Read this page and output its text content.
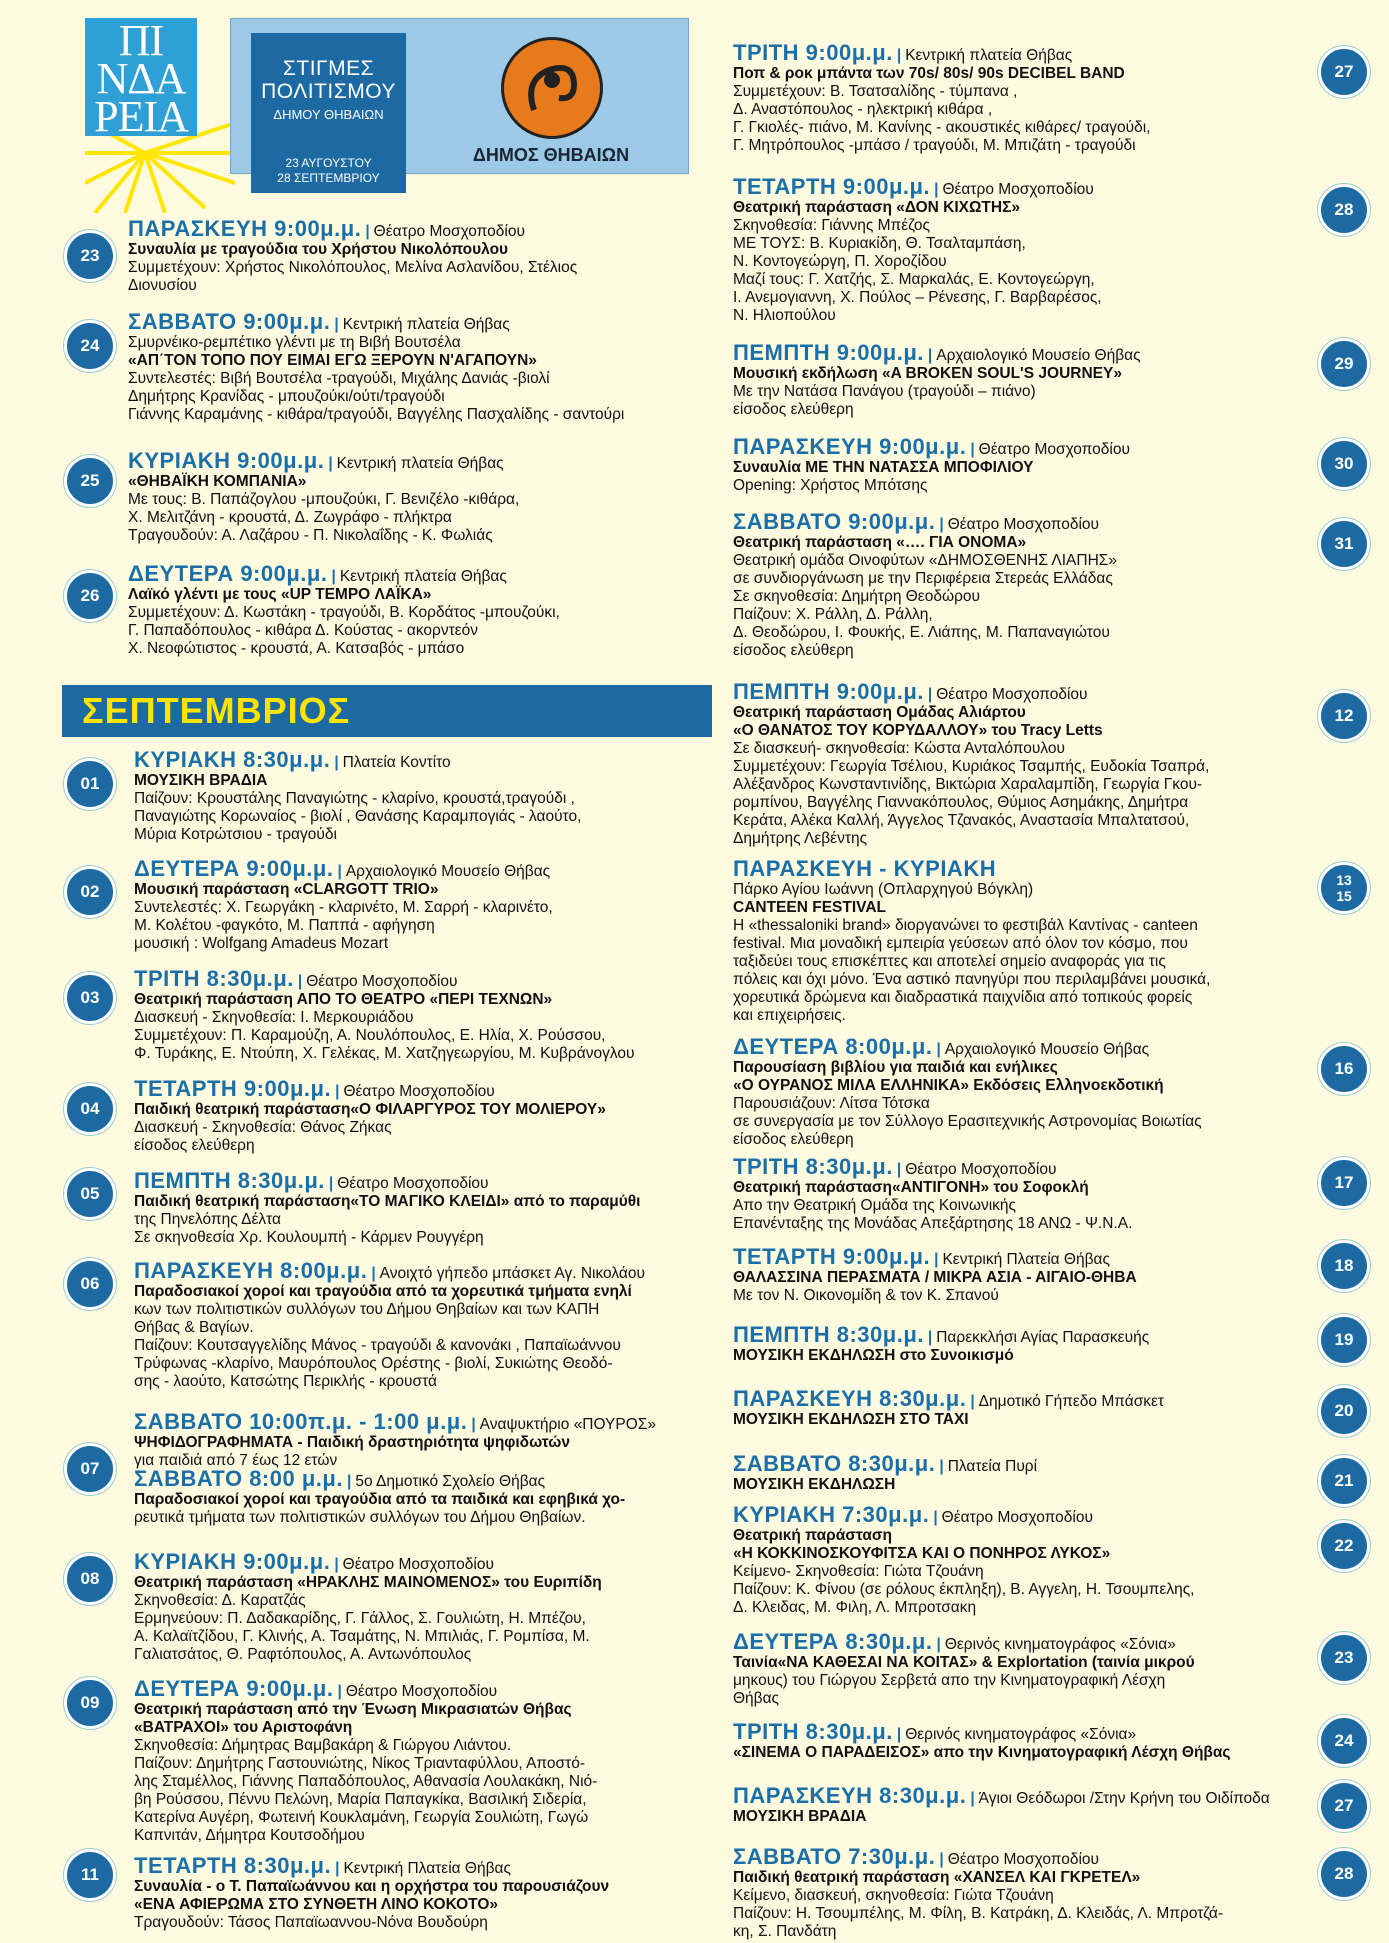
ΠΙ ΝΔΑ ΡΕΙΑ
ΣΤΙΓΜΕΣ ΠΟΛΙΤΙΣΜΟΥ
ΔΗΜΟΥ ΘΗΒΑΙΩΝ
23 ΑΥΓΟΥΣΤΟΥ
28 ΣΕΠΤΕΜΒΡΙΟΥ
ΔΗΜΟΣ ΘΗΒΑΙΩΝ
ΣΕΠΤΕΜΒΡΙΟΣ
ΠΑΡΑΣΚΕΥΗ 9:00μ.μ. | Θέατρο Μοσχοποδίου
Συναυλία με τραγούδια του Χρήστου Νικολόπουλου
Συμμετέχουν: Χρήστος Νικολόπουλος, Μελίνα Ασλανίδου, Στέλιος
Διονυσίου
23
ΣΑΒΒΑΤΟ 9:00μ.μ. | Κεντρική πλατεία Θήβας
Σμυρνέικο-ρεμπέτικο γλέντι με τη Βιβή Βουτσέλα
«ΑΠ΄ΤΟΝ ΤΟΠΟ ΠΟΥ ΕΙΜΑΙ ΕΓΩ ΞΕΡΟΥΝ Ν'ΑΓΑΠΟΥΝ»
Συντελεστές: Βιβή Βουτσέλα -τραγούδι, Μιχάλης Δανιάς -βιολί
Δημήτρης Κρανίδας - μπουζούκι/ούτι/τραγούδι
Γιάννης Καραμάνης - κιθάρα/τραγούδι, Βαγγέλης Πασχαλίδης - σαντούρι
24
ΚΥΡΙΑΚΗ 9:00μ.μ. | Κεντρική πλατεία Θήβας
«ΘΗΒΑΪΚΗ ΚΟΜΠΑΝΙΑ»
Με τους: Β. Παπάζογλου -μπουζούκι, Γ. Βενιζέλο -κιθάρα,
Χ. Μελιτζάνη - κρουστά, Δ. Ζωγράφο - πλήκτρα
Τραγουδούν: Α. Λαζάρου - Π. Νικολαΐδης - Κ. Φωλιάς
25
ΔΕΥΤΕΡΑ 9:00μ.μ. | Κεντρική πλατεία Θήβας
Λαϊκό γλέντι με τους «UP TEMPO ΛΑΪΚΑ»
Συμμετέχουν: Δ. Κωστάκη - τραγούδι, Β. Κορδάτος -μπουζούκι,
Γ. Παπαδόπουλος - κιθάρα Δ. Κούστας - ακορντεόν
Χ. Νεοφώτιστος - κρουστά, Α. Κατσαβός - μπάσο
26
ΚΥΡΙΑΚΗ 8:30μ.μ. | Πλατεία Κοντίτο
ΜΟΥΣΙΚΗ ΒΡΑΔΙΑ
Παίζουν: Κρουστάλης Παναγιώτης - κλαρίνο, κρουστά,τραγούδι ,
Παναγιώτης Κορωναίος - βιολί , Θανάσης Καραμπογιάς - λαούτο,
Μύρια Κοτρώτσιου - τραγούδι
01
ΔΕΥΤΕΡΑ 9:00μ.μ. | Αρχαιολογικό Μουσείο Θήβας
Μουσική παράσταση «CLARGOTT TRIO»
Συντελεστές: Χ. Γεωργάκη - κλαρινέτο, Μ. Σαρρή - κλαρινέτο,
Μ. Κολέτου -φαγκότο, Μ. Παππά - αφήγηση
μουσική : Wolfgang Amadeus Mozart
02
ΤΡΙΤΗ 8:30μ.μ. | Θέατρο Μοσχοποδίου
Θεατρική παράσταση ΑΠΟ ΤΟ ΘΕΑΤΡΟ «ΠΕΡΙ ΤΕΧΝΩΝ»
Διασκευή - Σκηνοθεσία: Ι. Μερκουριάδου
Συμμετέχουν: Π. Καραμούζη, Α. Νουλόπουλος, Ε. Ηλία, Χ. Ρούσσου,
Φ. Τυράκης, Ε. Ντούπη, Χ. Γελέκας, Μ. Χατζηγεωργίου, Μ. Κυβράνογλου
03
ΤΕΤΑΡΤΗ 9:00μ.μ. | Θέατρο Μοσχοποδίου
Παιδική θεατρική παράσταση«Ο ΦΙΛΑΡΓΥΡΟΣ ΤΟΥ ΜΟΛΙΕΡΟΥ»
Διασκευή - Σκηνοθεσία: Θάνος Ζήκας
είσοδος ελεύθερη
04
ΠΕΜΠΤΗ 8:30μ.μ. | Θέατρο Μοσχοποδίου
Παιδική θεατρική παράσταση«ΤΟ ΜΑΓΙΚΟ ΚΛΕΙΔΙ» από το παραμύθι
της Πηνελόπης Δέλτα
Σε σκηνοθεσία Χρ. Κουλουμπή - Κάρμεν Ρουγγέρη
05
ΠΑΡΑΣΚΕΥΗ 8:00μ.μ. | Ανοιχτό γήπεδο μπάσκετ Αγ. Νικολάου
Παραδοσιακοί χοροί και τραγούδια από τα χορευτικά τμήματα ενηλί
κων των πολιτιστικών συλλόγων του Δήμου Θηβαίων και των ΚΑΠΗ
Θήβας & Βαγίων.
Παίζουν: Κουτσαγγελίδης Μάνος - τραγούδι & κανονάκι , Παπαϊωάννου
Τρύφωνας -κλαρίνο, Μαυρόπουλος Ορέστης - βιολί, Συκιώτης Θεοδό-
σης - λαούτο, Κατσώτης Περικλής - κρουστά
06
ΣΑΒΒΑΤΟ 10:00π.μ. - 1:00 μ.μ. | Αναψυκτήριο «ΠΟΥΡΟΣ»
ΨΗΦΙΔΟΓΡΑΦΗΜΑΤΑ - Παιδική δραστηριότητα ψηφιδωτών
για παιδιά από 7 έως 12 ετών
ΣΑΒΒΑΤΟ 8:00 μ.μ. | 5ο Δημοτικό Σχολείο Θήβας
Παραδοσιακοί χοροί και τραγούδια από τα παιδικά και εφηβικά χο-
ρευτικά τμήματα των πολιτιστικών συλλόγων του Δήμου Θηβαίων.
07
ΚΥΡΙΑΚΗ 9:00μ.μ. | Θέατρο Μοσχοποδίου
Θεατρική παράσταση «ΗΡΑΚΛΗΣ ΜΑΙΝΟΜΕΝΟΣ» του Ευριπίδη
Σκηνοθεσία: Δ. Καρατζάς
Ερμηνεύουν: Π. Δαδακαρίδης, Γ. Γάλλος, Σ. Γουλιώτη, Η. Μπέζου,
Α. Καλαϊτζίδου, Γ. Κλινής, Α. Τσαμάτης, Ν. Μπιλιάς, Γ. Ρομπίσα, Μ.
Γαλιατσάτος, Θ. Ραφτόπουλος, Α. Αντωνόπουλος
08
ΔΕΥΤΕΡΑ 9:00μ.μ. | Θέατρο Μοσχοποδίου
Θεατρική παράσταση από την Ένωση Μικρασιατών Θήβας
«ΒΑΤΡΑΧΟΙ» του Αριστοφάνη
Σκηνοθεσία: Δήμητρας Βαμβακάρη & Γιώργου Λιάντου.
Παίζουν: Δημήτρης Γαστουνιώτης, Νίκος Τριανταφύλλου, Αποστό-
λης Σταμέλλος, Γιάννης Παπαδόπουλος, Αθανασία Λουλακάκη, Νιό-
βη Ρούσσου, Πέννυ Πελώνη, Μαρία Παπαγκίκα, Βασιλική Σιδερία,
Κατερίνα Αυγέρη, Φωτεινή Κουκλαμάνη, Γεωργία Σουλιώτη, Γωγώ
Καπνιτάν, Δήμητρα Κουτσοδήμου
09
ΤΕΤΑΡΤΗ 8:30μ.μ. | Κεντρική Πλατεία Θήβας
Συναυλία - ο Τ. Παπαϊωάννου και η ορχήστρα του παρουσιάζουν
«ΕΝΑ ΑΦΙΕΡΩΜΑ ΣΤΟ ΣΥΝΘΕΤΗ ΛΙΝΟ ΚΟΚΟΤΟ»
Τραγουδούν: Τάσος Παπαϊωαννου-Νόνα Βουδούρη
11
ΤΡΙΤΗ 9:00μ.μ. | Κεντρική πλατεία Θήβας
Ποπ & ροκ μπάντα των 70s/ 80s/ 90s DECIBEL BAND
Συμμετέχουν: Β. Τσατσαλίδης - τύμπανα ,
Δ. Αναστόπουλος - ηλεκτρική κιθάρα ,
Γ. Γκιολές- πιάνο, Μ. Κανίνης - ακουστικές κιθάρες/ τραγούδι,
Γ. Μητρόπουλος -μπάσο / τραγούδι, Μ. Μπιζάτη - τραγούδι
27
ΤΕΤΑΡΤΗ 9:00μ.μ. | Θέατρο Μοσχοποδίου
Θεατρική παράσταση «ΔΟΝ ΚΙΧΩΤΗΣ»
Σκηνοθεσία: Γιάννης Μπέζος
ΜΕ ΤΟΥΣ: Β. Κυριακίδη, Θ. Τσαλταμπάση,
Ν. Κοντογεώργη, Π. Χοροζίδου
Μαζί τους: Γ. Χατζής, Σ. Μαρκαλάς, Ε. Κοντογεώργη,
Ι. Ανεμογιαννη, Χ. Πούλος – Ρένεσης, Γ. Βαρβαρέσος,
Ν. Ηλιοπούλου
28
ΠΕΜΠΤΗ 9:00μ.μ. | Αρχαιολογικό Μουσείο Θήβας
Μουσική εκδήλωση «A BROKEN SOUL'S JOURNEY»
Με την Νατάσα Πανάγου (τραγούδι – πιάνο)
είσοδος ελεύθερη
29
ΠΑΡΑΣΚΕΥΗ 9:00μ.μ. | Θέατρο Μοσχοποδίου
Συναυλία ΜΕ ΤΗΝ ΝΑΤΑΣΣΑ ΜΠΟΦΙΛΙΟΥ
Opening: Χρήστος Μπότσης
30
ΣΑΒΒΑΤΟ 9:00μ.μ. | Θέατρο Μοσχοποδίου
Θεατρική παράσταση «…. ΓΙΑ ΟΝΟΜΑ»
Θεατρική ομάδα Οινοφύτων «ΔΗΜΟΣΘΕΝΗΣ ΛΙΑΠΗΣ»
σε συνδιοργάνωση με την Περιφέρεια Στερεάς Ελλάδας
Σε σκηνοθεσία: Δημήτρη Θεοδώρου
Παίζουν: Χ. Ράλλη, Δ. Ράλλη,
Δ. Θεοδώρου, Ι. Φουκής, Ε. Λιάπης, Μ. Παπαναγιώτου
είσοδος ελεύθερη
31
ΠΕΜΠΤΗ 9:00μ.μ. | Θέατρο Μοσχοποδίου
Θεατρική παράσταση Ομάδας Αλιάρτου
«Ο ΘΑΝΑΤΟΣ ΤΟΥ ΚΟΡΥΔΑΛΛΟΥ» του Tracy Letts
Σε διασκευή- σκηνοθεσία: Κώστα Ανταλόπουλου
Συμμετέχουν: Γεωργία Τσέλιου, Κυριάκος Τσαμπής, Ευδοκία Τσαπρά,
Αλέξανδρος Κωνσταντινίδης, Βικτώρια Χαραλαμπίδη, Γεωργία Γκου-
ρομπίνου, Βαγγέλης Γιαννακόπουλος, Θύμιος Ασημάκης, Δημήτρα
Κεράτα, Αλέκα Καλλή, Άγγελος Τζανακός, Αναστασία Μπαλτατσού,
Δημήτρης Λεβέντης
12
ΠΑΡΑΣΚΕΥΗ - ΚΥΡΙΑΚΗ
Πάρκο Αγίου Ιωάννη (Οπλαρχηγού Βόγκλη)
CANTEEN FESTIVAL
Η «thessaloniki brand» διοργανώνει το φεστιβάλ Καντίνας - canteen
festival. Μια μοναδική εμπειρία γεύσεων από όλον τον κόσμο, που
ταξιδεύει τους επισκέπτες και αποτελεί σημείο αναφοράς για τις
πόλεις και όχι μόνο. Ένα αστικό πανηγύρι που περιλαμβάνει μουσικά,
χορευτικά δρώμενα και διαδραστικά παιχνίδια από τοπικούς φορείς
και επιχειρήσεις.
13
15
ΔΕΥΤΕΡΑ 8:00μ.μ. | Αρχαιολογικό Μουσείο Θήβας
Παρουσίαση βιβλίου για παιδιά και ενήλικες
«Ο ΟΥΡΑΝΟΣ ΜΙΛΑ ΕΛΛΗΝΙΚΑ» Εκδόσεις Ελληνοεκδοτική
Παρουσιάζουν: Λίτσα Τότσκα
σε συνεργασία με τον Σύλλογο Ερασιτεχνικής Αστρονομίας Βοιωτίας
είσοδος ελεύθερη
16
ΤΡΙΤΗ 8:30μ.μ. | Θέατρο Μοσχοποδίου
Θεατρική παράσταση«ΑΝΤΙΓΟΝΗ» του Σοφοκλή
Απο την Θεατρική Ομάδα της Κοινωνικής
Επανένταξης της Μονάδας Απεξάρτησης 18 ΑΝΩ - Ψ.Ν.Α.
17
ΤΕΤΑΡΤΗ 9:00μ.μ. | Κεντρική Πλατεία Θήβας
ΘΑΛΑΣΣΙΝΑ ΠΕΡΑΣΜΑΤΑ / ΜΙΚΡΑ ΑΣΙΑ - ΑΙΓΑΙΟ-ΘΗΒΑ
Με τον Ν. Οικονομίδη & τον Κ. Σπανού
18
ΠΕΜΠΤΗ 8:30μ.μ. | Παρεκκλήσι Αγίας Παρασκευής
ΜΟΥΣΙΚΗ ΕΚΔΗΛΩΣΗ στο Συνοικισμό
19
ΠΑΡΑΣΚΕΥΗ 8:30μ.μ. | Δημοτικό Γήπεδο Μπάσκετ
ΜΟΥΣΙΚΗ ΕΚΔΗΛΩΣΗ ΣΤΟ ΤΑΧΙ	20
ΣΑΒΒΑΤΟ 8:30μ.μ. | Πλατεία Πυρί
ΜΟΥΣΙΚΗ ΕΚΔΗΛΩΣΗ	21
ΚΥΡΙΑΚΗ 7:30μ.μ. | Θέατρο Μοσχοποδίου
Θεατρική παράσταση
«Η ΚΟΚΚΙΝΟΣΚΟΥΦΙΤΣΑ ΚΑΙ Ο ΠΟΝΗΡΟΣ ΛΥΚΟΣ»
Κείμενο- Σκηνοθεσία: Γιώτα Τζουάνη
Παίζουν: Κ. Φίνου (σε ρόλους έκπληξη), Β. Αγγελη, Η. Τσουμπελης,
Δ. Κλειδας, Μ. Φιλη, Λ. Μπροτσακη
22
ΔΕΥΤΕΡΑ 8:30μ.μ. | Θερινός κινηματογράφος «Σόνια»
Ταινία«ΝΑ ΚΑΘΕΣΑΙ ΝΑ ΚΟΙΤΑΣ» & Explortation (ταινία μικρού
μηκους) του Γιώργου Σερβετά απο την Κινηματογραφική Λέσχη
Θήβας
23
ΤΡΙΤΗ 8:30μ.μ. | Θερινός κινηματογράφος «Σόνια»
«ΣΙΝΕΜΑ Ο ΠΑΡΑΔΕΙΣΟΣ» απο την Κινηματογραφική Λέσχη Θήβας
24
ΠΑΡΑΣΚΕΥΗ 8:30μ.μ. | Άγιοι Θεόδωροι /Στην Κρήνη του Οιδίποδα
ΜΟΥΣΙΚΗ ΒΡΑΔΙΑ
27
ΣΑΒΒΑΤΟ 7:30μ.μ. | Θέατρο Μοσχοποδίου
Παιδική θεατρική παράσταση «ΧΑΝΣΕΛ ΚΑΙ ΓΚΡΕΤΕΛ»
Κείμενο, διασκευή, σκηνοθεσία: Γιώτα Τζουάνη
Παίζουν: Η. Τσουμπέλης, Μ. Φίλη, Β. Κατράκη, Δ. Κλειδάς, Λ. Μπροτζά-
κη, Σ. Πανδάτη
28
